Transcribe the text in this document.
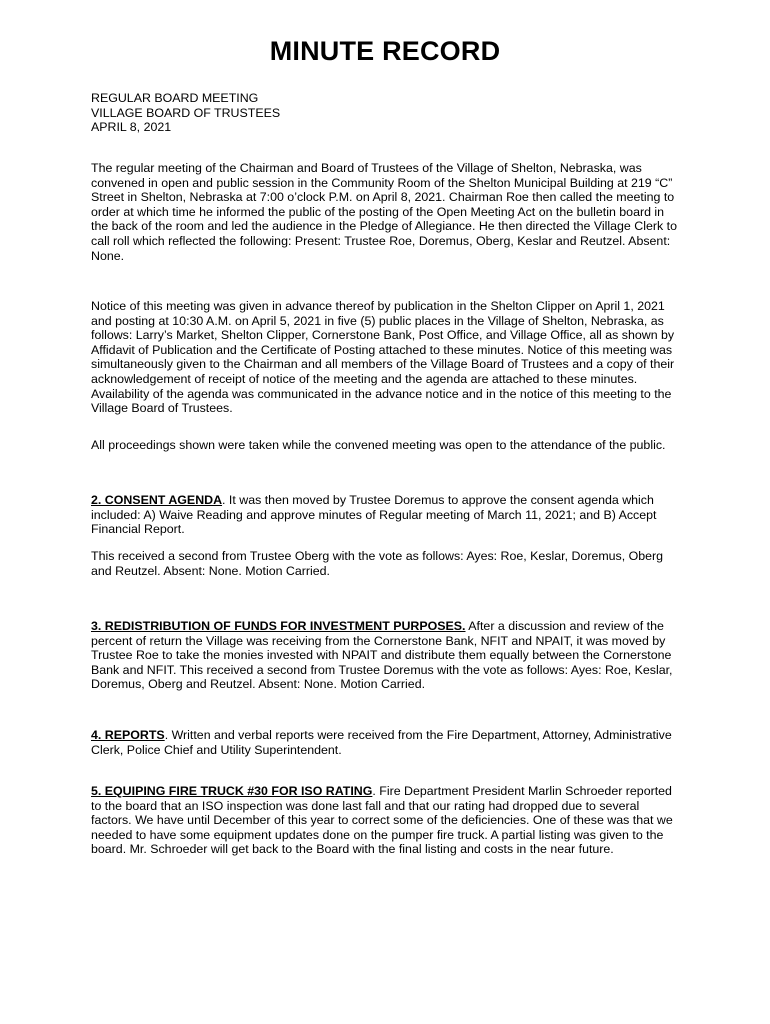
MINUTE RECORD
REGULAR BOARD MEETING
VILLAGE BOARD OF TRUSTEES
APRIL 8, 2021

The regular meeting of the Chairman and Board of Trustees of the Village of Shelton, Nebraska, was convened in open and public session in the Community Room of the Shelton Municipal Building at 219 “C” Street in Shelton, Nebraska at 7:00 o’clock P.M. on April 8, 2021. Chairman Roe then called the meeting to order at which time he informed the public of the posting of the Open Meeting Act on the bulletin board in the back of the room and led the audience in the Pledge of Allegiance. He then directed the Village Clerk to call roll which reflected the following: Present: Trustee Roe, Doremus, Oberg, Keslar and Reutzel. Absent: None.

Notice of this meeting was given in advance thereof by publication in the Shelton Clipper on April 1, 2021 and posting at 10:30 A.M. on April 5, 2021 in five (5) public places in the Village of Shelton, Nebraska, as follows: Larry’s Market, Shelton Clipper, Cornerstone Bank, Post Office, and Village Office, all as shown by Affidavit of Publication and the Certificate of Posting attached to these minutes. Notice of this meeting was simultaneously given to the Chairman and all members of the Village Board of Trustees and a copy of their acknowledgement of receipt of notice of the meeting and the agenda are attached to these minutes. Availability of the agenda was communicated in the advance notice and in the notice of this meeting to the Village Board of Trustees.

All proceedings shown were taken while the convened meeting was open to the attendance of the public.

2. CONSENT AGENDA. It was then moved by Trustee Doremus to approve the consent agenda which included: A) Waive Reading and approve minutes of Regular meeting of March 11, 2021; and B) Accept Financial Report.

This received a second from Trustee Oberg with the vote as follows: Ayes: Roe, Keslar, Doremus, Oberg and Reutzel. Absent: None. Motion Carried.

3. REDISTRIBUTION OF FUNDS FOR INVESTMENT PURPOSES. After a discussion and review of the percent of return the Village was receiving from the Cornerstone Bank, NFIT and NPAIT, it was moved by Trustee Roe to take the monies invested with NPAIT and distribute them equally between the Cornerstone Bank and NFIT. This received a second from Trustee Doremus with the vote as follows: Ayes: Roe, Keslar, Doremus, Oberg and Reutzel. Absent: None. Motion Carried.

4. REPORTS. Written and verbal reports were received from the Fire Department, Attorney, Administrative Clerk, Police Chief and Utility Superintendent.

5. EQUIPING FIRE TRUCK #30 FOR ISO RATING. Fire Department President Marlin Schroeder reported to the board that an ISO inspection was done last fall and that our rating had dropped due to several factors. We have until December of this year to correct some of the deficiencies. One of these was that we needed to have some equipment updates done on the pumper fire truck. A partial listing was given to the board. Mr. Schroeder will get back to the Board with the final listing and costs in the near future.
